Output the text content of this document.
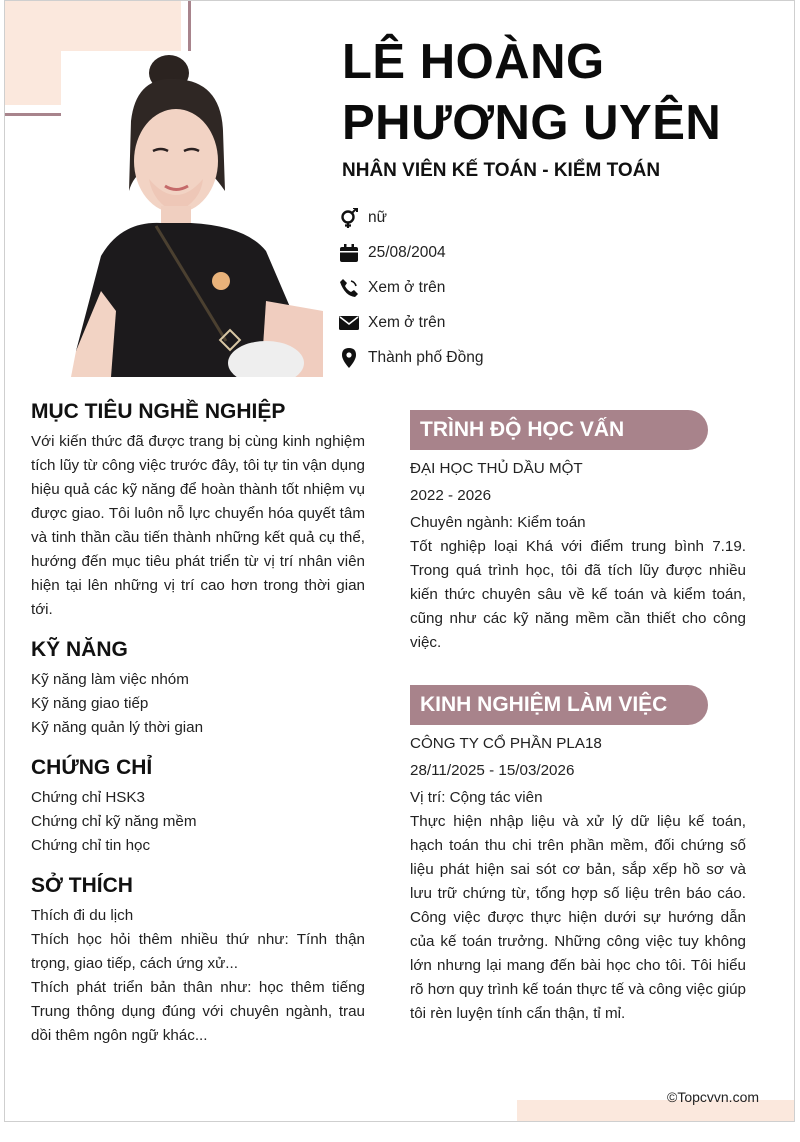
LÊ HOÀNG
PHƯƠNG UYÊN
NHÂN VIÊN KẾ TOÁN - KIỂM TOÁN
nữ
25/08/2004
Xem ở trên
Xem ở trên
Thành phố Đồng
MỤC TIÊU NGHỀ NGHIỆP

Với kiến thức đã được trang bị cùng kinh nghiệm tích lũy từ công việc trước đây, tôi tự tin vận dụng hiệu quả các kỹ năng để hoàn thành tốt nhiệm vụ được giao. Tôi luôn nỗ lực chuyển hóa quyết tâm và tinh thần cầu tiến thành những kết quả cụ thể, hướng đến mục tiêu phát triển từ vị trí nhân viên hiện tại lên những vị trí cao hơn trong thời gian tới.

KỸ NĂNG
Kỹ năng làm việc nhóm
Kỹ năng giao tiếp
Kỹ năng quản lý thời gian
CHỨNG CHỈ
Chứng chỉ HSK3
Chứng chỉ kỹ năng mềm
Chứng chỉ tin học
SỞ THÍCH

Thích đi du lịch

Thích học hỏi thêm nhiều thứ như: Tính thận trọng, giao tiếp, cách ứng xử...

Thích phát triển bản thân như: học thêm tiếng Trung thông dụng đúng với chuyên ngành, trau dồi thêm ngôn ngữ khác...

TRÌNH ĐỘ HỌC VẤN
ĐẠI HỌC THỦ DẦU MỘT
2022 - 2026
Chuyên ngành: Kiểm toán

Tốt nghiệp loại Khá với điểm trung bình 7.19. Trong quá trình học, tôi đã tích lũy được nhiều kiến thức chuyên sâu về kế toán và kiểm toán, cũng như các kỹ năng mềm cần thiết cho công việc.

KINH NGHIỆM LÀM VIỆC
CÔNG TY CỔ PHẦN PLA18
28/11/2025 - 15/03/2026
Vị trí: Cộng tác viên

Thực hiện nhập liệu và xử lý dữ liệu kế toán, hạch toán thu chi trên phần mềm, đối chứng số liệu phát hiện sai sót cơ bản, sắp xếp hồ sơ và lưu trữ chứng từ, tổng hợp số liệu trên báo cáo. Công việc được thực hiện dưới sự hướng dẫn của kế toán trưởng. Những công việc tuy không lớn nhưng lại mang đến bài học cho tôi. Tôi hiểu rõ hơn quy trình kế toán thực tế và công việc giúp tôi rèn luyện tính cẩn thận, tỉ mỉ.

©Topcvvn.com
